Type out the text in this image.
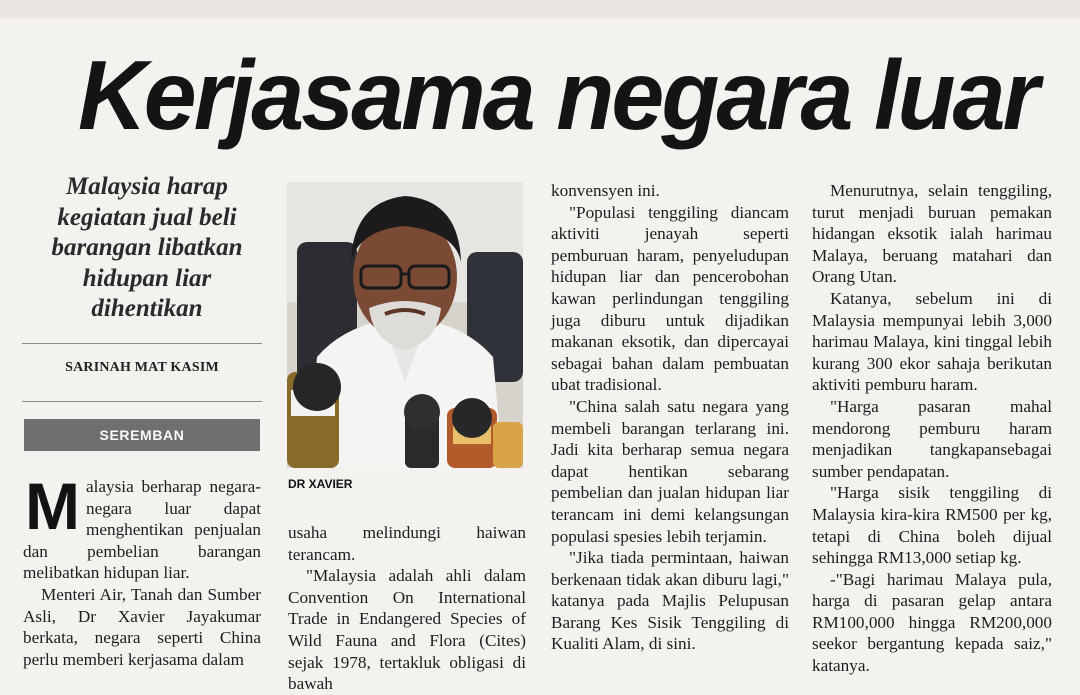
Kerjasama negara luar
Malaysia harap
kegiatan jual beli
barangan libatkan
hidupan liar
dihentikan
SARINAH MAT KASIM
SEREMBAN
DR XAVIER
M alaysia berharap negara-negara luar dapat menghentikan penjualan dan pembelian barangan melibatkan hidupan liar.

Menteri Air, Tanah dan Sumber Asli, Dr Xavier Jayakumar berkata, negara seperti China perlu memberi kerjasama dalam

usaha melindungi haiwan terancam.

"Malaysia adalah ahli dalam Convention On International Trade in Endangered Species of Wild Fauna and Flora (Cites) sejak 1978, tertakluk obligasi di bawah

konvensyen ini.

"Populasi tenggiling diancam aktiviti jenayah seperti pemburuan haram, penyeludupan hidupan liar dan pencerobohan kawan perlindungan tenggiling juga diburu untuk dijadikan makanan eksotik, dan dipercayai sebagai bahan dalam pembuatan ubat tradisional.

"China salah satu negara yang membeli barangan terlarang ini. Jadi kita berharap semua negara dapat hentikan sebarang pembelian dan jualan hidupan liar terancam ini demi kelangsungan populasi spesies lebih terjamin.

"Jika tiada permintaan, haiwan berkenaan tidak akan diburu lagi," katanya pada Majlis Pelupusan Barang Kes Sisik Tenggiling di Kualiti Alam, di sini.

Menurutnya, selain tenggiling, turut menjadi buruan pemakan hidangan eksotik ialah harimau Malaya, beruang matahari dan Orang Utan.

Katanya, sebelum ini di Malaysia mempunyai lebih 3,000 harimau Malaya, kini tinggal lebih kurang 300 ekor sahaja berikutan aktiviti pemburu haram.

"Harga pasaran mahal mendorong pemburu haram menjadikan tangkapansebagai sumber pendapatan.

"Harga sisik tenggiling di Malaysia kira-kira RM500 per kg, tetapi di China boleh dijual sehingga RM13,000 setiap kg.

-"Bagi harimau Malaya pula, harga di pasaran gelap antara RM100,000 hingga RM200,000 seekor bergantung kepada saiz," katanya.
